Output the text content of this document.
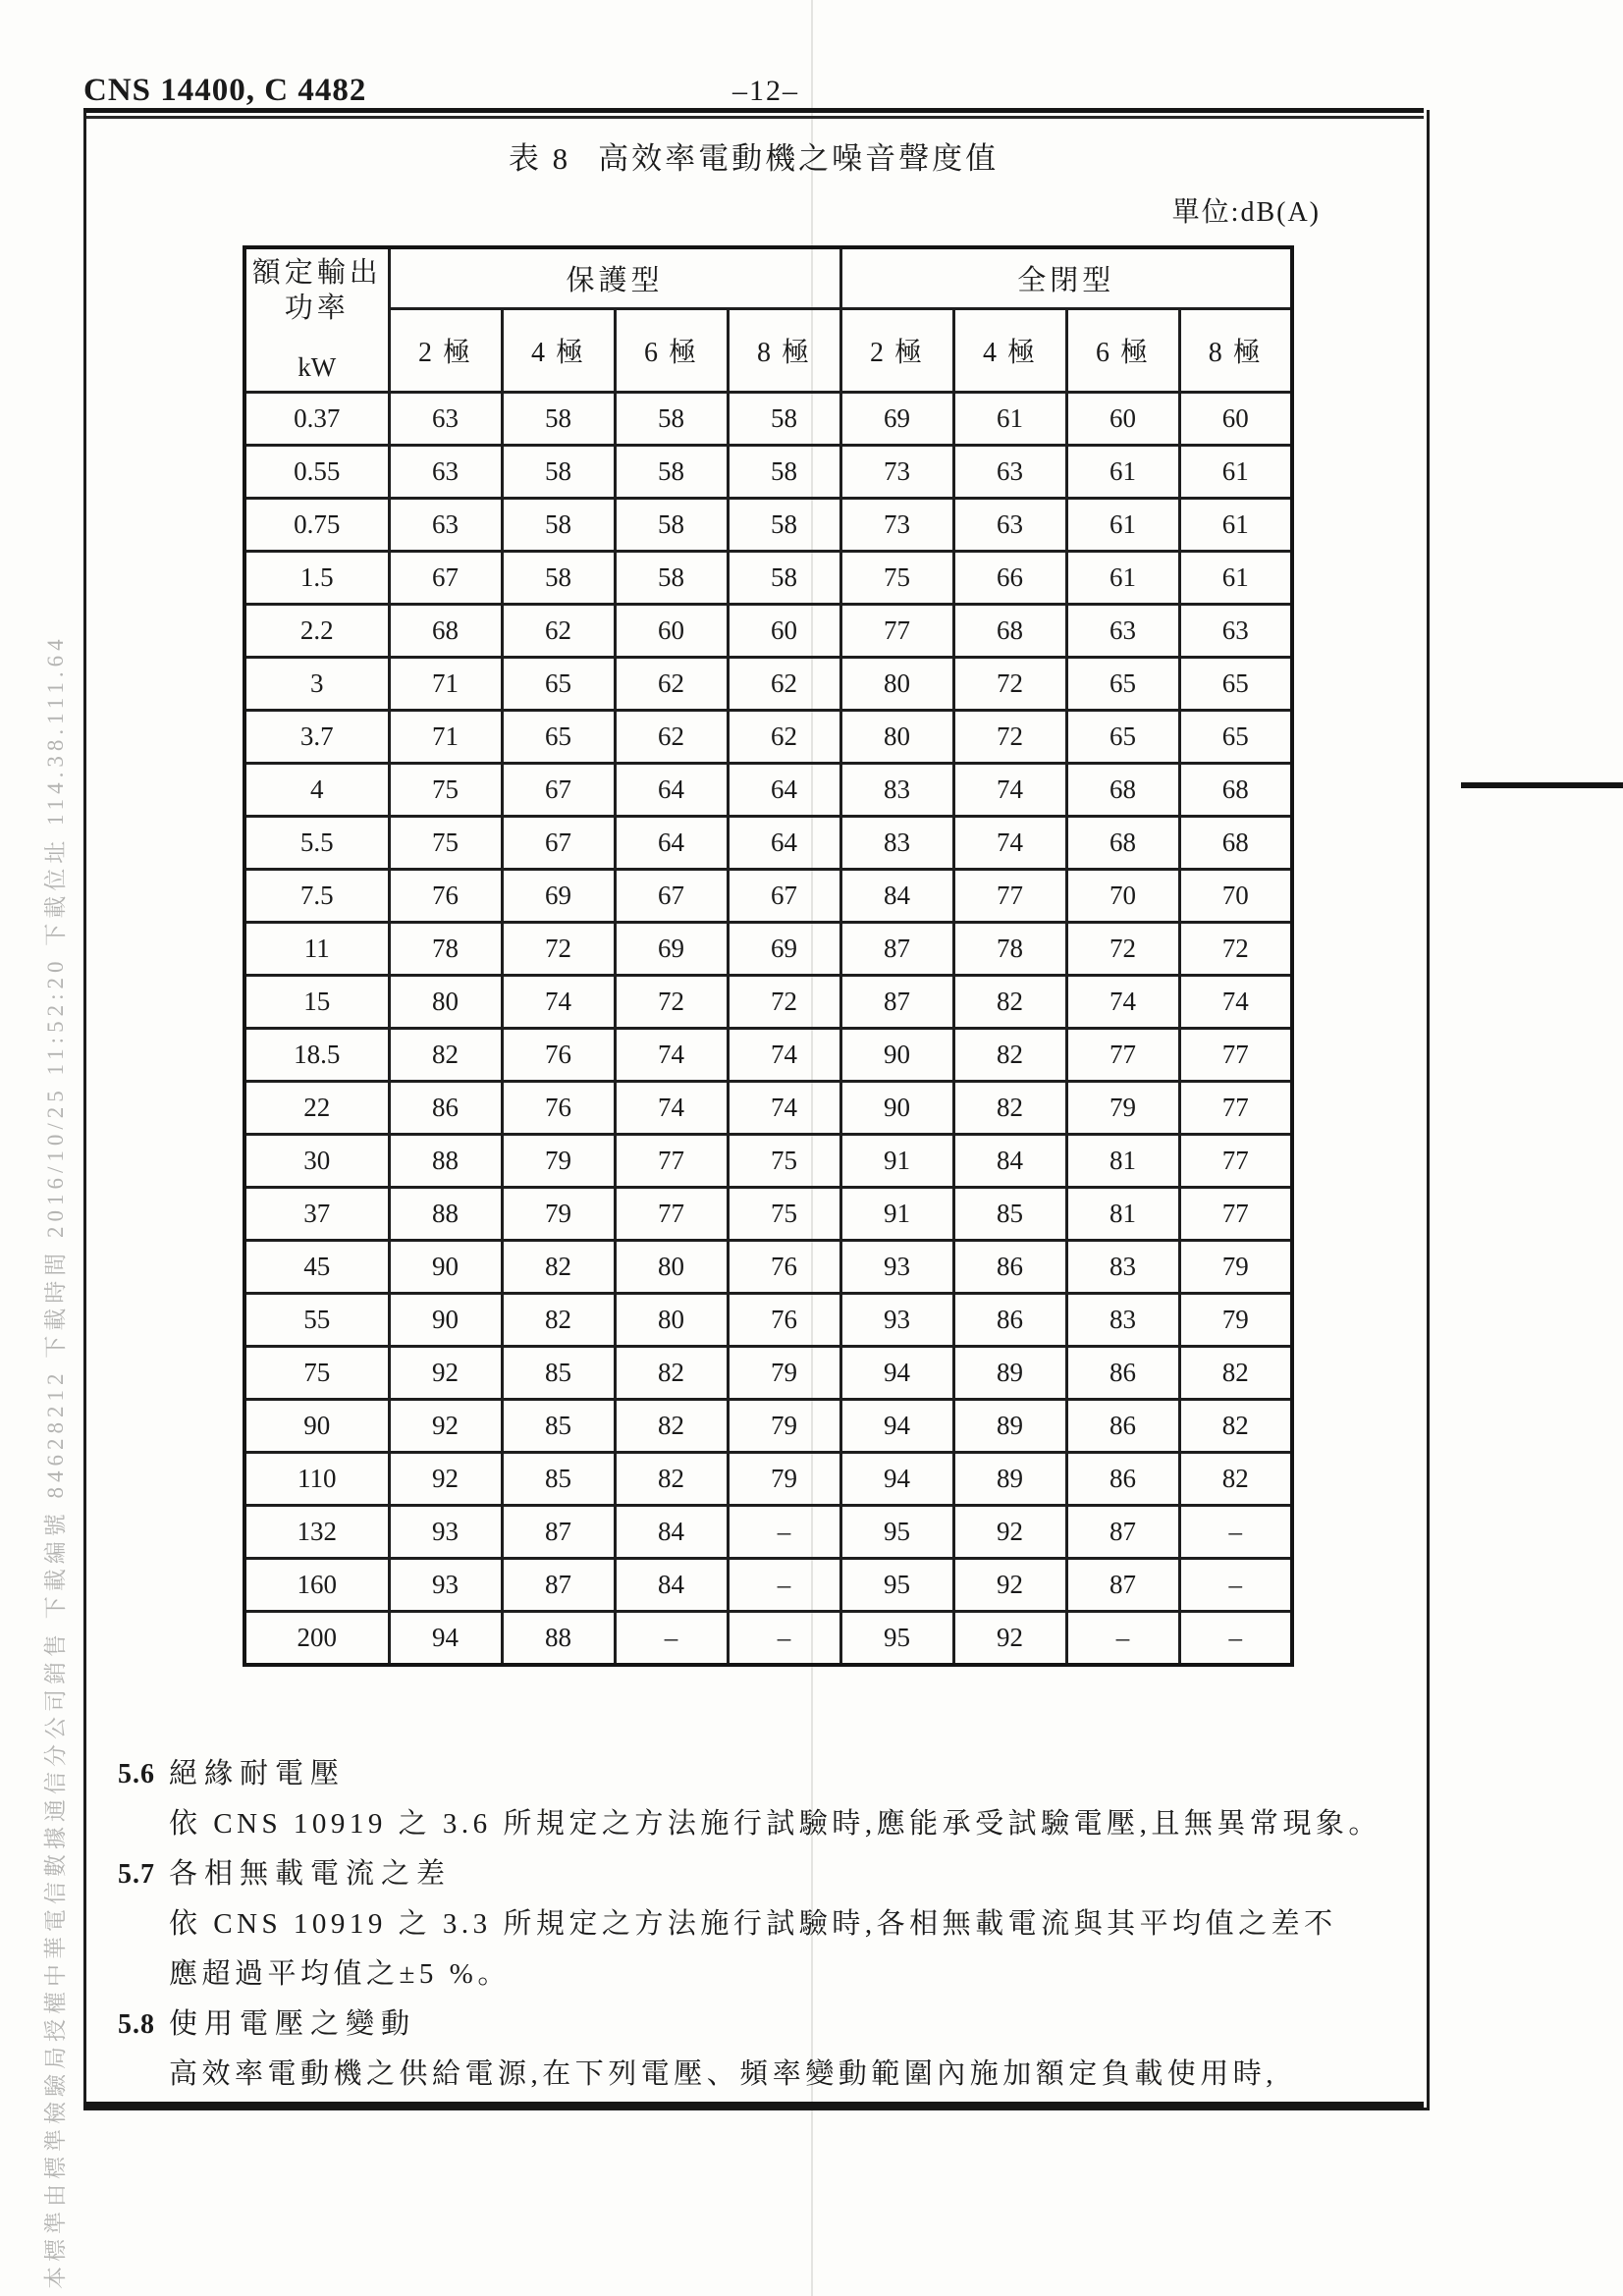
本標準由標準檢驗局授權中華電信數據通信分公司銷售 下載編號 84628212 下載時間 2016/10/25 11:52:20 下載位址 114.38.111.64
CNS 14400, C 4482	–12–
表 8 高效率電動機之噪音聲度值
單位:dB(A)
額定輸出
功率
kW	保護型				全閉型			
	2 極	4 極	6 極	8 極	2 極	4 極	6 極	8 極
0.37	63	58	58	58	69	61	60	60
0.55	63	58	58	58	73	63	61	61
0.75	63	58	58	58	73	63	61	61
1.5	67	58	58	58	75	66	61	61
2.2	68	62	60	60	77	68	63	63
3	71	65	62	62	80	72	65	65
3.7	71	65	62	62	80	72	65	65
4	75	67	64	64	83	74	68	68
5.5	75	67	64	64	83	74	68	68
7.5	76	69	67	67	84	77	70	70
11	78	72	69	69	87	78	72	72
15	80	74	72	72	87	82	74	74
18.5	82	76	74	74	90	82	77	77
22	86	76	74	74	90	82	79	77
30	88	79	77	75	91	84	81	77
37	88	79	77	75	91	85	81	77
45	90	82	80	76	93	86	83	79
55	90	82	80	76	93	86	83	79
75	92	85	82	79	94	89	86	82
90	92	85	82	79	94	89	86	82
110	92	85	82	79	94	89	86	82
132	93	87	84	–	95	92	87	–
160	93	87	84	–	95	92	87	–
200	94	88	–	–	95	92	–	–
5.6 絕緣耐電壓

依 CNS 10919 之 3.6 所規定之方法施行試驗時,應能承受試驗電壓,且無異常現象。

5.7 各相無載電流之差

依 CNS 10919 之 3.3 所規定之方法施行試驗時,各相無載電流與其平均值之差不

應超過平均值之±5 %。

5.8 使用電壓之變動

高效率電動機之供給電源,在下列電壓、頻率變動範圍內施加額定負載使用時,
